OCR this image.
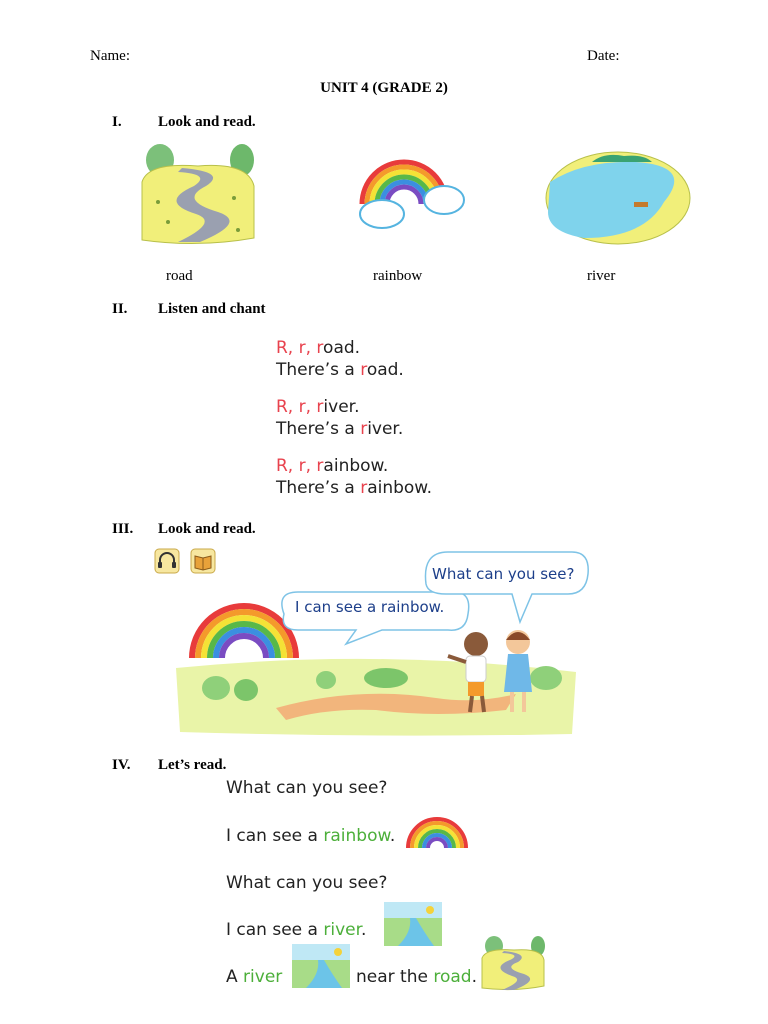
Name:	Date:
UNIT 4 (GRADE 2)
I. Look and read.
road	rainbow	river
II. Listen and chant
R, r, road.
There’s a road.
R, r, river.
There’s a river.
R, r, rainbow.
There’s a rainbow.
III. Look and read.
I can see a rainbow.
What can you see?
IV. Let’s read.
What can you see?
I can see a rainbow.
What can you see?
I can see a river.
A river	near the road.
